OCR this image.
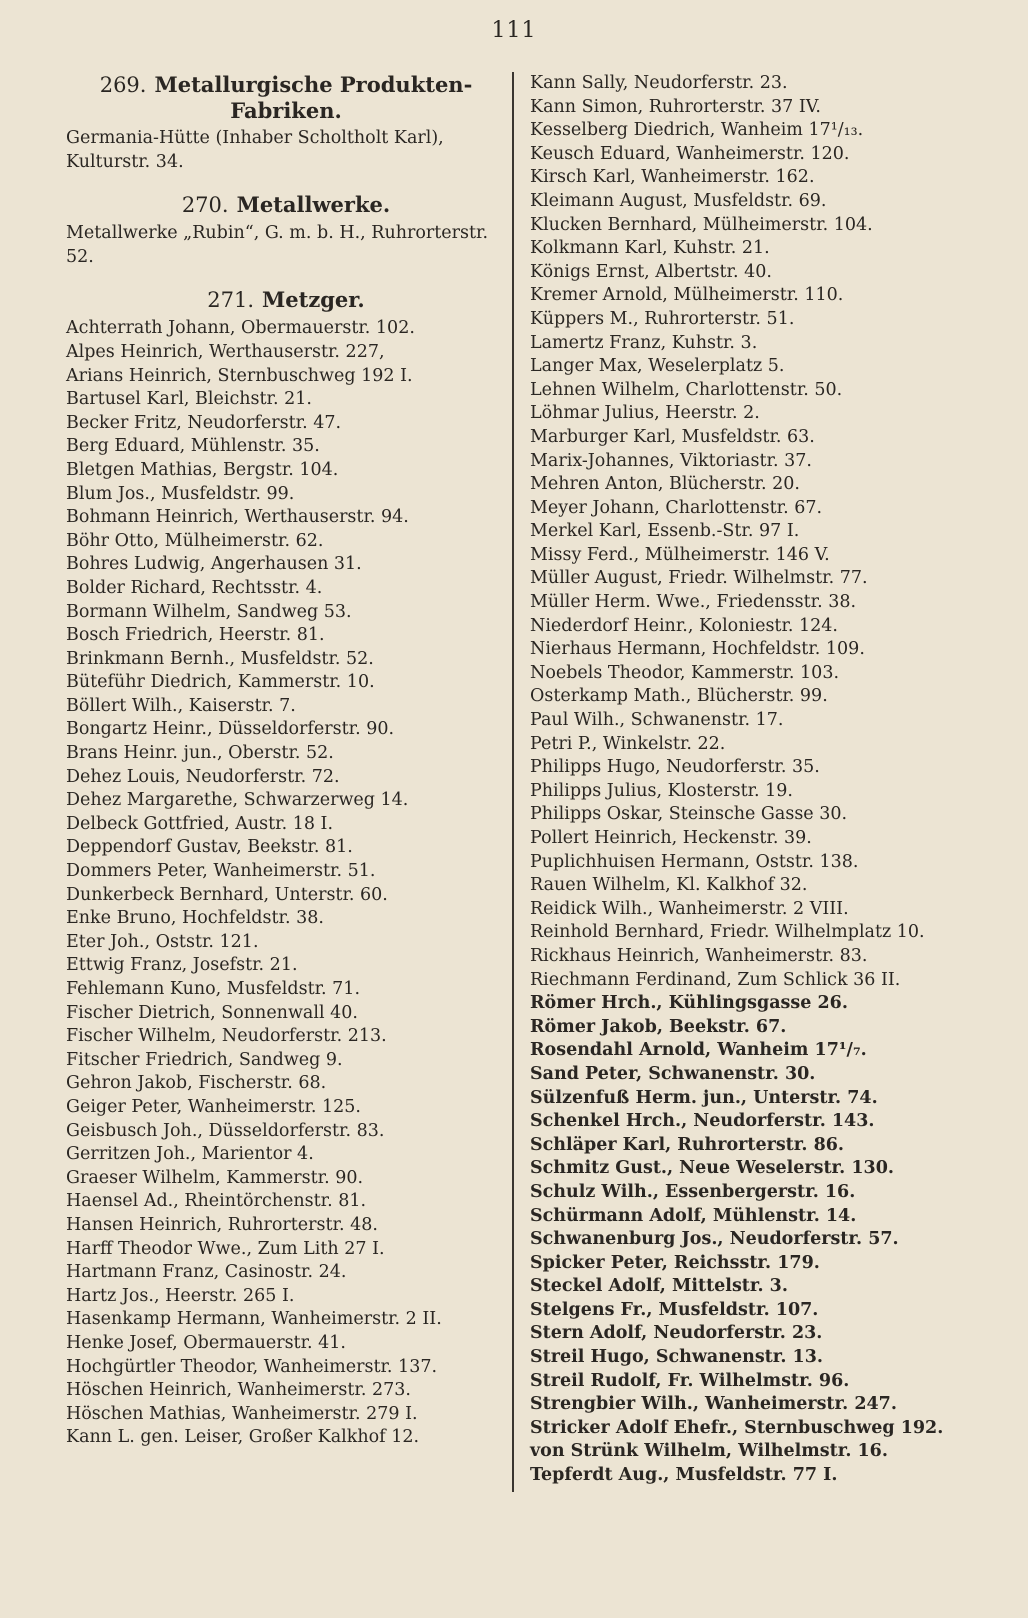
111
269. Metallurgische Produkten-Fabriken.
Germania-Hütte (Inhaber Scholtholt Karl), Kulturstr. 34.
270. Metallwerke.
Metallwerke „Rubin“, G. m. b. H., Ruhrorterstr. 52.
271. Metzger.
Achterrath Johann, Obermauerstr. 102.
Alpes Heinrich, Werthauserstr. 227,
Arians Heinrich, Sternbuschweg 192 I.
Bartusel Karl, Bleichstr. 21.
Becker Fritz, Neudorferstr. 47.
Berg Eduard, Mühlenstr. 35.
Bletgen Mathias, Bergstr. 104.
Blum Jos., Musfeldstr. 99.
Bohmann Heinrich, Werthauserstr. 94.
Böhr Otto, Mülheimerstr. 62.
Bohres Ludwig, Angerhausen 31.
Bolder Richard, Rechtsstr. 4.
Bormann Wilhelm, Sandweg 53.
Bosch Friedrich, Heerstr. 81.
Brinkmann Bernh., Musfeldstr. 52.
Büteführ Diedrich, Kammerstr. 10.
Böllert Wilh., Kaiserstr. 7.
Bongartz Heinr., Düsseldorferstr. 90.
Brans Heinr. jun., Oberstr. 52.
Dehez Louis, Neudorferstr. 72.
Dehez Margarethe, Schwarzerweg 14.
Delbeck Gottfried, Austr. 18 I.
Deppendorf Gustav, Beekstr. 81.
Dommers Peter, Wanheimerstr. 51.
Dunkerbeck Bernhard, Unterstr. 60.
Enke Bruno, Hochfeldstr. 38.
Eter Joh., Oststr. 121.
Ettwig Franz, Josefstr. 21.
Fehlemann Kuno, Musfeldstr. 71.
Fischer Dietrich, Sonnenwall 40.
Fischer Wilhelm, Neudorferstr. 213.
Fitscher Friedrich, Sandweg 9.
Gehron Jakob, Fischerstr. 68.
Geiger Peter, Wanheimerstr. 125.
Geisbusch Joh., Düsseldorferstr. 83.
Gerritzen Joh., Marientor 4.
Graeser Wilhelm, Kammerstr. 90.
Haensel Ad., Rheintörchenstr. 81.
Hansen Heinrich, Ruhrorterstr. 48.
Harff Theodor Wwe., Zum Lith 27 I.
Hartmann Franz, Casinostr. 24.
Hartz Jos., Heerstr. 265 I.
Hasenkamp Hermann, Wanheimerstr. 2 II.
Henke Josef, Obermauerstr. 41.
Hochgürtler Theodor, Wanheimerstr. 137.
Höschen Heinrich, Wanheimerstr. 273.
Höschen Mathias, Wanheimerstr. 279 I.
Kann L. gen. Leiser, Großer Kalkhof 12.
Kann Sally, Neudorferstr. 23.
Kann Simon, Ruhrorterstr. 37 IV.
Kesselberg Diedrich, Wanheim 17¹/₁₃.
Keusch Eduard, Wanheimerstr. 120.
Kirsch Karl, Wanheimerstr. 162.
Kleimann August, Musfeldstr. 69.
Klucken Bernhard, Mülheimerstr. 104.
Kolkmann Karl, Kuhstr. 21.
Königs Ernst, Albertstr. 40.
Kremer Arnold, Mülheimerstr. 110.
Küppers M., Ruhrorterstr. 51.
Lamertz Franz, Kuhstr. 3.
Langer Max, Weselerplatz 5.
Lehnen Wilhelm, Charlottenstr. 50.
Löhmar Julius, Heerstr. 2.
Marburger Karl, Musfeldstr. 63.
Marix-Johannes, Viktoriastr. 37.
Mehren Anton, Blücherstr. 20.
Meyer Johann, Charlottenstr. 67.
Merkel Karl, Essenb.-Str. 97 I.
Missy Ferd., Mülheimerstr. 146 V.
Müller August, Friedr. Wilhelmstr. 77.
Müller Herm. Wwe., Friedensstr. 38.
Niederdorf Heinr., Koloniestr. 124.
Nierhaus Hermann, Hochfeldstr. 109.
Noebels Theodor, Kammerstr. 103.
Osterkamp Math., Blücherstr. 99.
Paul Wilh., Schwanenstr. 17.
Petri P., Winkelstr. 22.
Philipps Hugo, Neudorferstr. 35.
Philipps Julius, Klosterstr. 19.
Philipps Oskar, Steinsche Gasse 30.
Pollert Heinrich, Heckenstr. 39.
Puplichhuisen Hermann, Oststr. 138.
Rauen Wilhelm, Kl. Kalkhof 32.
Reidick Wilh., Wanheimerstr. 2 VIII.
Reinhold Bernhard, Friedr. Wilhelmplatz 10.
Rickhaus Heinrich, Wanheimerstr. 83.
Riechmann Ferdinand, Zum Schlick 36 II.
Römer Hrch., Kühlingsgasse 26.
Römer Jakob, Beekstr. 67.
Rosendahl Arnold, Wanheim 17¹/₇.
Sand Peter, Schwanenstr. 30.
Sülzenfuß Herm. jun., Unterstr. 74.
Schenkel Hrch., Neudorferstr. 143.
Schläper Karl, Ruhrorterstr. 86.
Schmitz Gust., Neue Weselerstr. 130.
Schulz Wilh., Essenbergerstr. 16.
Schürmann Adolf, Mühlenstr. 14.
Schwanenburg Jos., Neudorferstr. 57.
Spicker Peter, Reichsstr. 179.
Steckel Adolf, Mittelstr. 3.
Stelgens Fr., Musfeldstr. 107.
Stern Adolf, Neudorferstr. 23.
Streil Hugo, Schwanenstr. 13.
Streil Rudolf, Fr. Wilhelmstr. 96.
Strengbier Wilh., Wanheimerstr. 247.
Stricker Adolf Ehefr., Sternbuschweg 192.
von Strünk Wilhelm, Wilhelmstr. 16.
Tepferdt Aug., Musfeldstr. 77 I.
